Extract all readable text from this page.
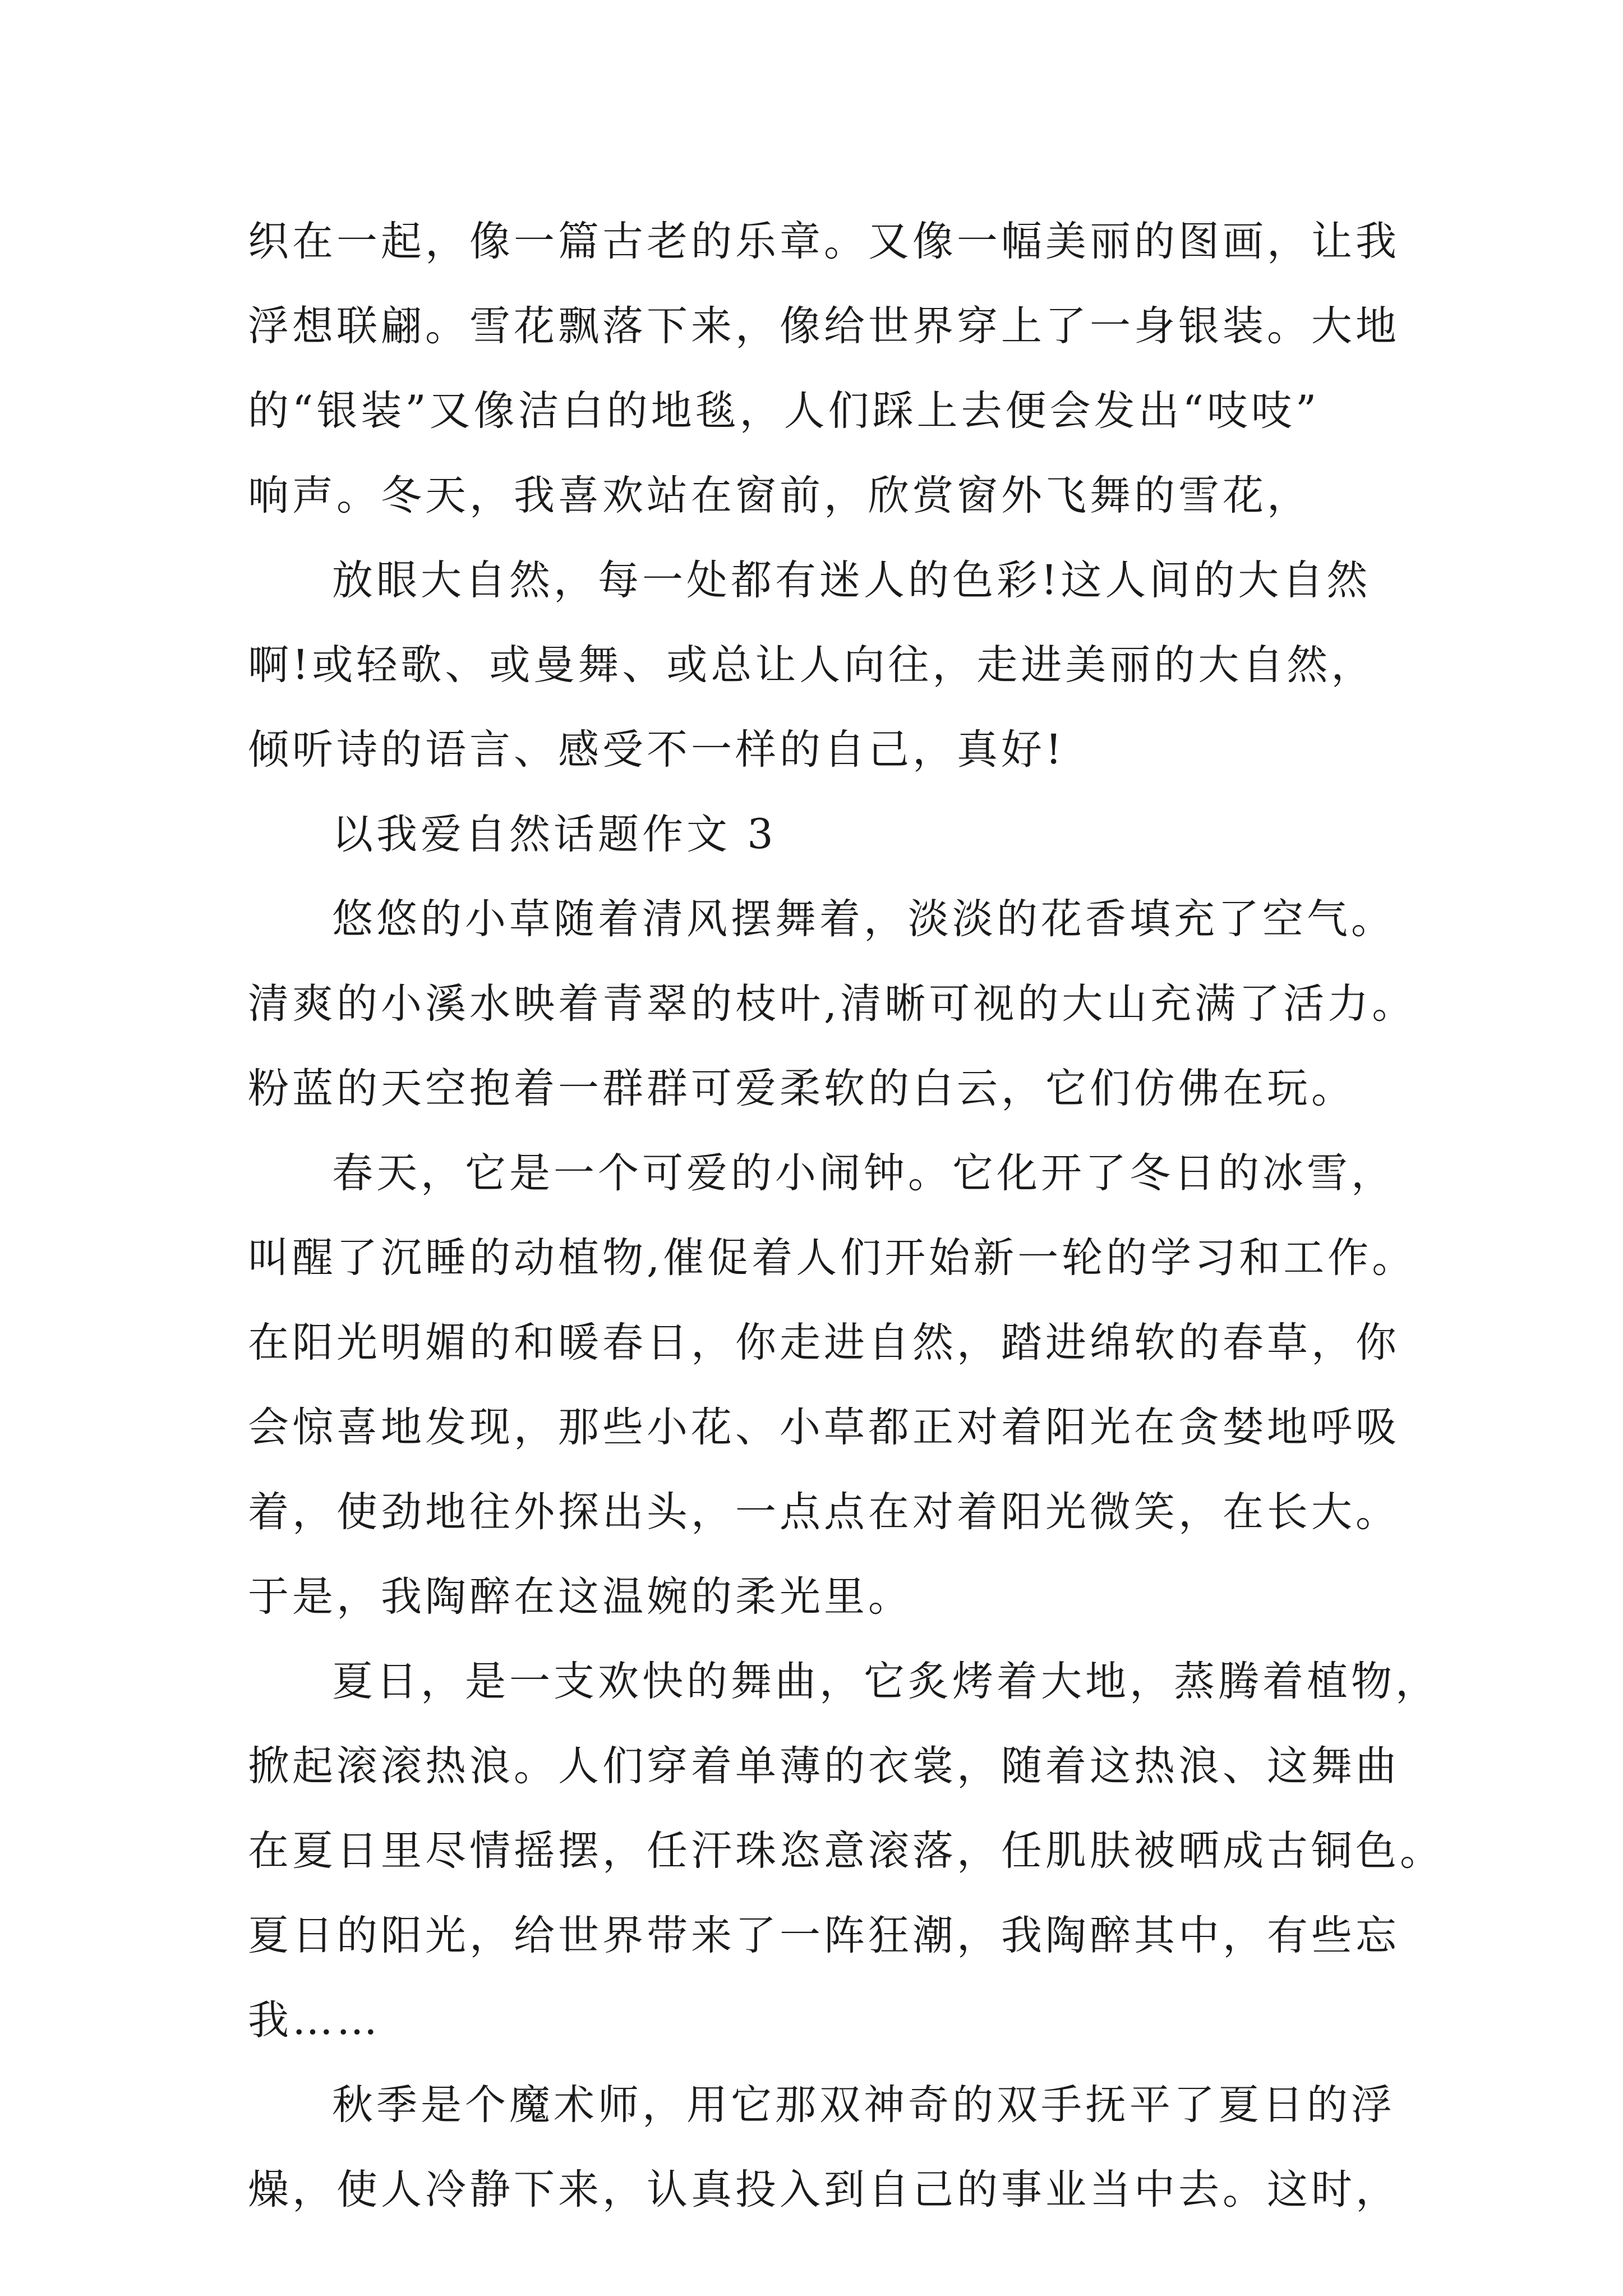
织在一起，像一篇古老的乐章。又像一幅美丽的图画，让我
浮想联翩。雪花飘落下来，像给世界穿上了一身银装。大地
的“银装”又像洁白的地毯，人们踩上去便会发出“吱吱”
响声。冬天，我喜欢站在窗前，欣赏窗外飞舞的雪花，
放眼大自然，每一处都有迷人的色彩!这人间的大自然
啊!或轻歌、或曼舞、或总让人向往，走进美丽的大自然，
倾听诗的语言、感受不一样的自己，真好!
以我爱自然话题作文 3
悠悠的小草随着清风摆舞着，淡淡的花香填充了空气。
清爽的小溪水映着青翠的枝叶,清晰可视的大山充满了活力。
粉蓝的天空抱着一群群可爱柔软的白云，它们仿佛在玩。
春天，它是一个可爱的小闹钟。它化开了冬日的冰雪，
叫醒了沉睡的动植物,催促着人们开始新一轮的学习和工作。
在阳光明媚的和暖春日，你走进自然，踏进绵软的春草，你
会惊喜地发现，那些小花、小草都正对着阳光在贪婪地呼吸
着，使劲地往外探出头，一点点在对着阳光微笑，在长大。
于是，我陶醉在这温婉的柔光里。
夏日，是一支欢快的舞曲，它炙烤着大地，蒸腾着植物，
掀起滚滚热浪。人们穿着单薄的衣裳，随着这热浪、这舞曲
在夏日里尽情摇摆，任汗珠恣意滚落，任肌肤被晒成古铜色。
夏日的阳光，给世界带来了一阵狂潮，我陶醉其中，有些忘
我……
秋季是个魔术师，用它那双神奇的双手抚平了夏日的浮
燥，使人冷静下来，认真投入到自己的事业当中去。这时，
